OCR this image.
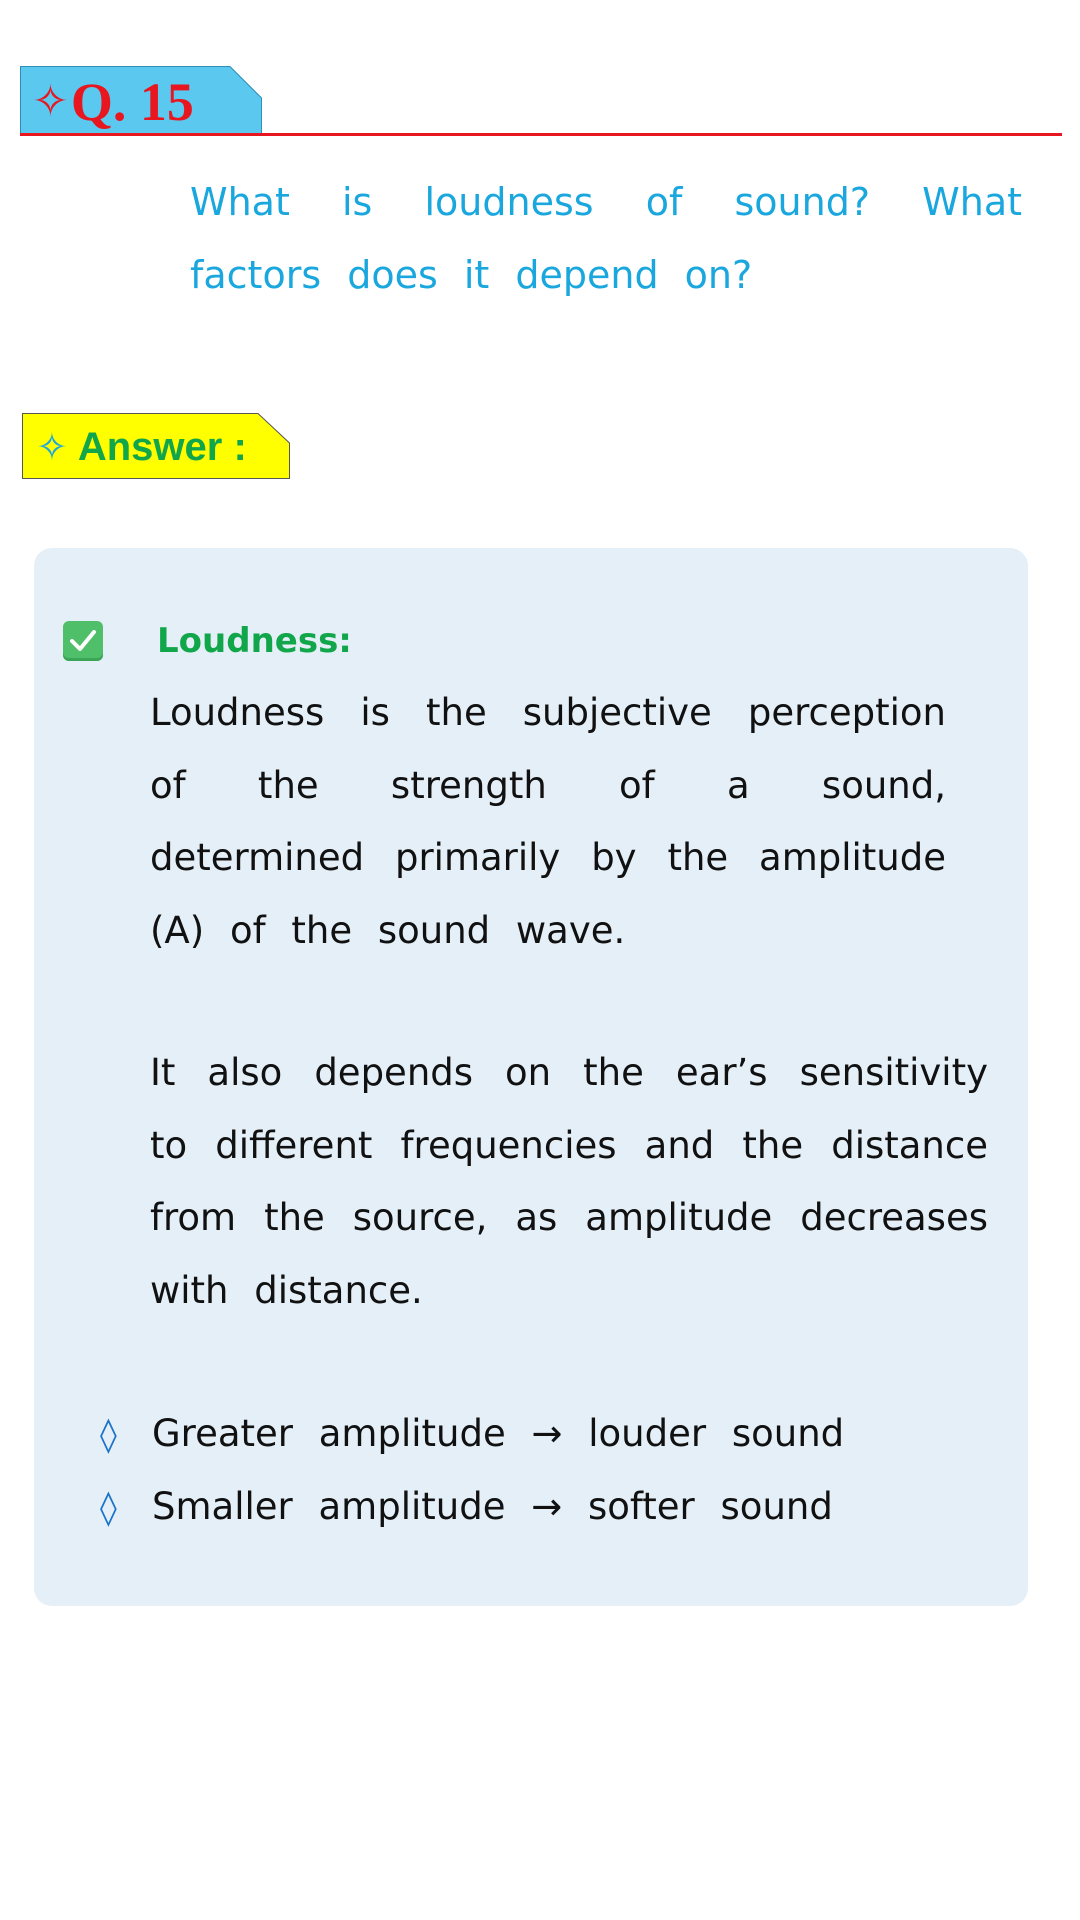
✧Q. 15
What is loudness of sound? What factors does it depend on?
✧ Answer :
Loudness:
Loudness is the subjective perception of the strength of a sound, determined primarily by the amplitude (A) of the sound wave.
It also depends on the ear’s sensitivity to different frequencies and the distance from the source, as amplitude decreases with distance.
◊ Greater amplitude → louder sound
◊ Smaller amplitude → softer sound
